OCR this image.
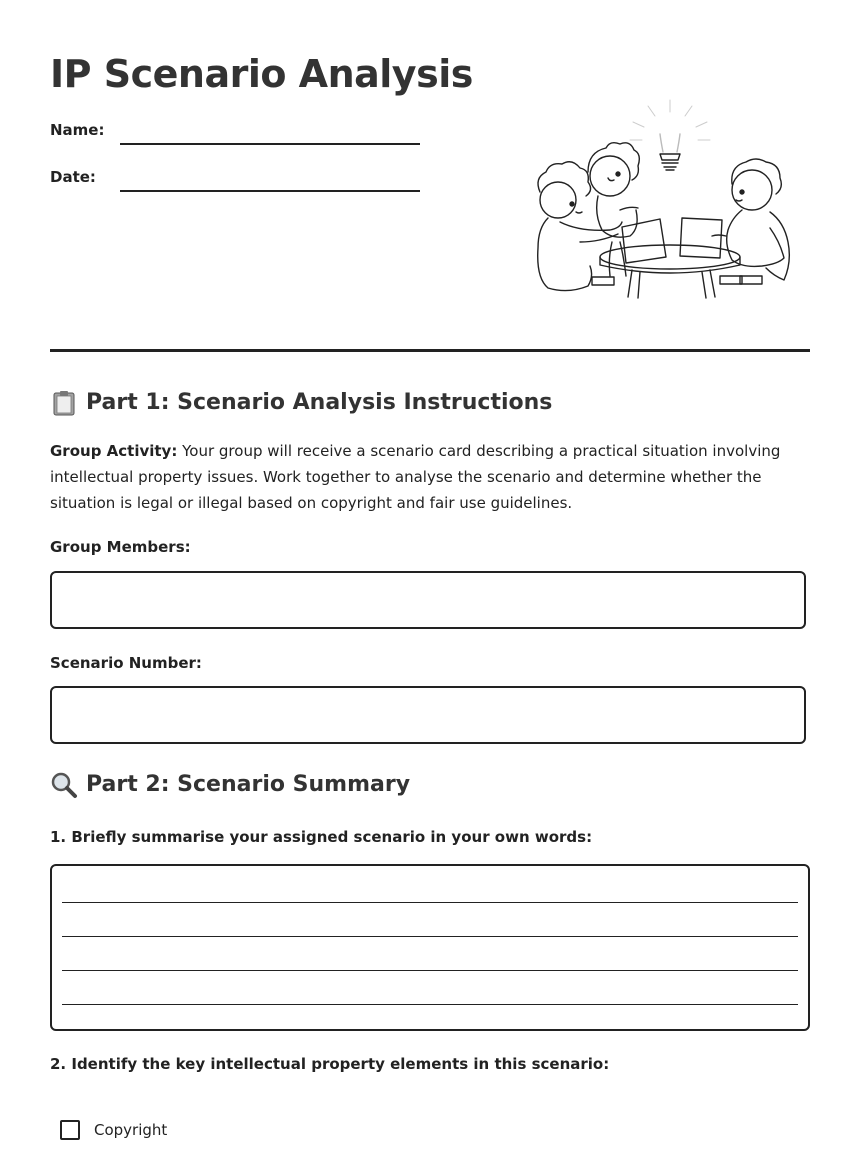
IP Scenario Analysis
Name:
Date:
Part 1: Scenario Analysis Instructions

Group Activity: Your group will receive a scenario card describing a practical situation involving intellectual property issues. Work together to analyse the scenario and determine whether the situation is legal or illegal based on copyright and fair use guidelines.

Group Members:
Scenario Number:
Part 2: Scenario Summary
1. Briefly summarise your assigned scenario in your own words:
2. Identify the key intellectual property elements in this scenario:
Copyright
